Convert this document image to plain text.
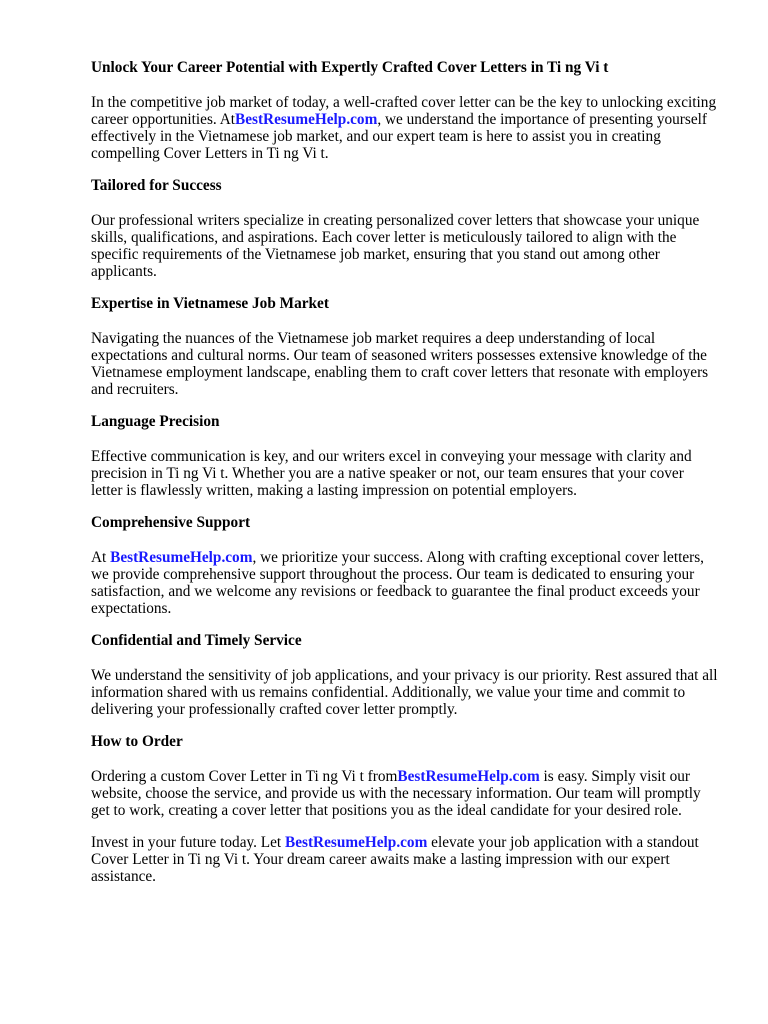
Unlock Your Career Potential with Expertly Crafted Cover Letters in Ti ng Vi t

In the competitive job market of today, a well-crafted cover letter can be the key to unlocking exciting career opportunities. AtBestResumeHelp.com, we understand the importance of presenting yourself effectively in the Vietnamese job market, and our expert team is here to assist you in creating compelling Cover Letters in Ti ng Vi t.

Tailored for Success

Our professional writers specialize in creating personalized cover letters that showcase your unique skills, qualifications, and aspirations. Each cover letter is meticulously tailored to align with the specific requirements of the Vietnamese job market, ensuring that you stand out among other applicants.

Expertise in Vietnamese Job Market

Navigating the nuances of the Vietnamese job market requires a deep understanding of local expectations and cultural norms. Our team of seasoned writers possesses extensive knowledge of the Vietnamese employment landscape, enabling them to craft cover letters that resonate with employers and recruiters.

Language Precision

Effective communication is key, and our writers excel in conveying your message with clarity and precision in Ti ng Vi t. Whether you are a native speaker or not, our team ensures that your cover letter is flawlessly written, making a lasting impression on potential employers.

Comprehensive Support

At BestResumeHelp.com, we prioritize your success. Along with crafting exceptional cover letters, we provide comprehensive support throughout the process. Our team is dedicated to ensuring your satisfaction, and we welcome any revisions or feedback to guarantee the final product exceeds your expectations.

Confidential and Timely Service

We understand the sensitivity of job applications, and your privacy is our priority. Rest assured that all information shared with us remains confidential. Additionally, we value your time and commit to delivering your professionally crafted cover letter promptly.

How to Order

Ordering a custom Cover Letter in Ti ng Vi t fromBestResumeHelp.com is easy. Simply visit our website, choose the service, and provide us with the necessary information. Our team will promptly get to work, creating a cover letter that positions you as the ideal candidate for your desired role.

Invest in your future today. Let BestResumeHelp.com elevate your job application with a standout Cover Letter in Ti ng Vi t. Your dream career awaits make a lasting impression with our expert assistance.
